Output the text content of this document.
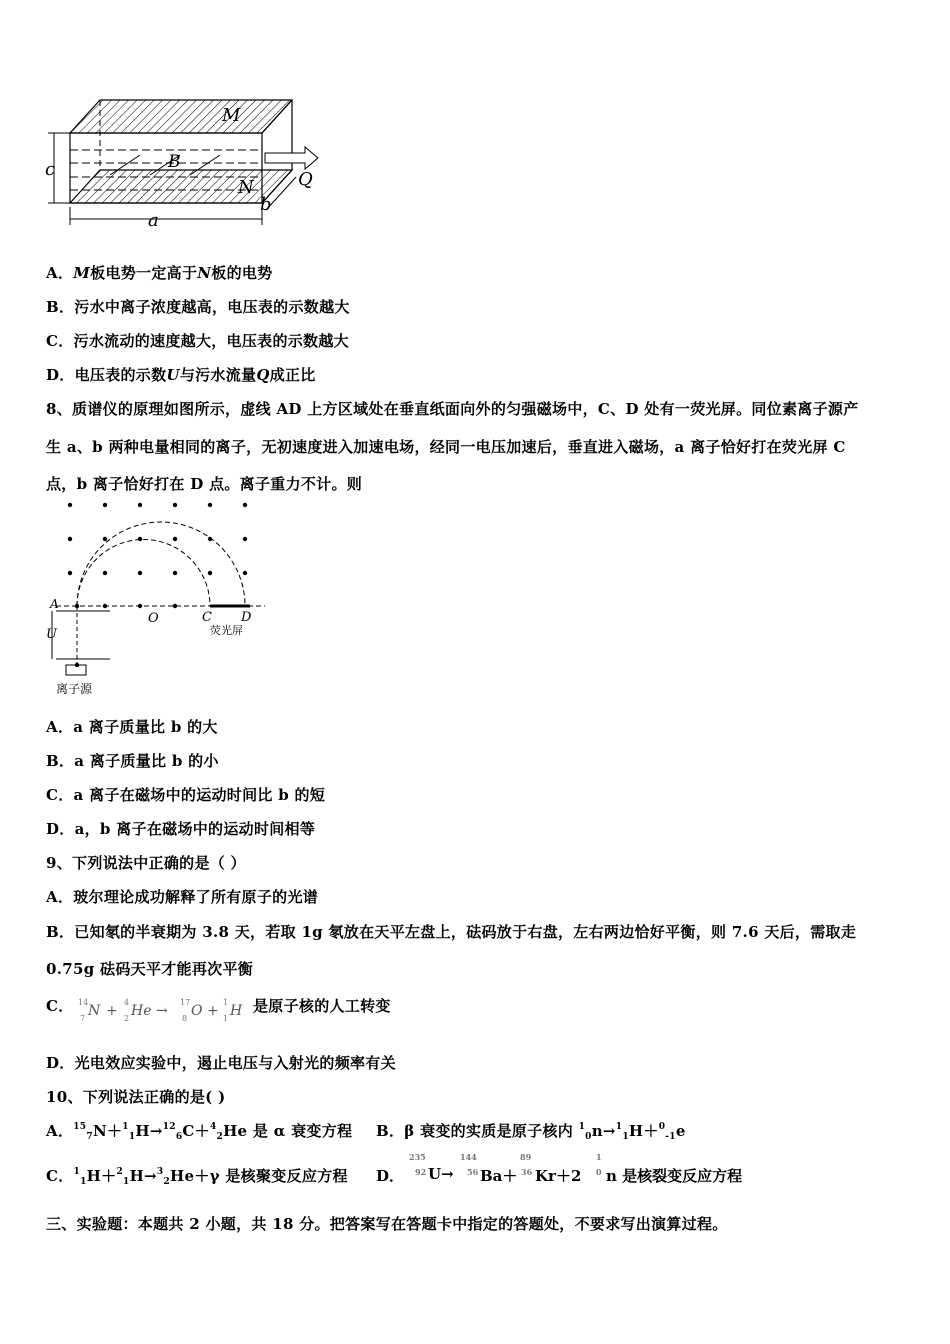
M
B
N Q
c
a
b
A．M板电势一定高于N板的电势
B．污水中离子浓度越高，电压表的示数越大
C．污水流动的速度越大，电压表的示数越大
D．电压表的示数U与污水流量Q成正比
8、质谱仪的原理如图所示，虚线 AD 上方区域处在垂直纸面向外的匀强磁场中，C、D 处有一荧光屏。同位素离子源产
生 a、b 两种电量相同的离子，无初速度进入加速电场，经同一电压加速后，垂直进入磁场，a 离子恰好打在荧光屏 C
点，b 离子恰好打在 D 点。离子重力不计。则
A
O	C D
荧光屏
U
离子源
A．a 离子质量比 b 的大
B．a 离子质量比 b 的小
C．a 离子在磁场中的运动时间比 b 的短
D．a，b 离子在磁场中的运动时间相等
9、下列说法中正确的是（ ）
A．玻尔理论成功解释了所有原子的光谱
B．已知氡的半衰期为 3.8 天，若取 1g 氡放在天平左盘上，砝码放于右盘，左右两边恰好平衡，则 7.6 天后，需取走
0.75g 砝码天平才能再次平衡
C． 14
7 N +
4
2 He →
17
8 O +
1
1 H 是原子核的人工转变
D．光电效应实验中，遏止电压与入射光的频率有关
10、下列说法正确的是( )
A．$^{15}_7$N＋$^1_1$H→$^{12}_6$C＋$^4_2$He 是 α 衰变方程 B．β 衰变的实质是原子核内 $^1_0$n→$^1_1$H＋$^0_{-1}$e
C．$^1_1$H＋$^2_1$H→$^3_2$He＋γ 是核聚变反应方程 D．
235
92 U→
144
56 Ba＋
89
36 Kr＋2
1
0 n 是核裂变反应方程
三、实验题：本题共 2 小题，共 18 分。把答案写在答题卡中指定的答题处，不要求写出演算过程。
